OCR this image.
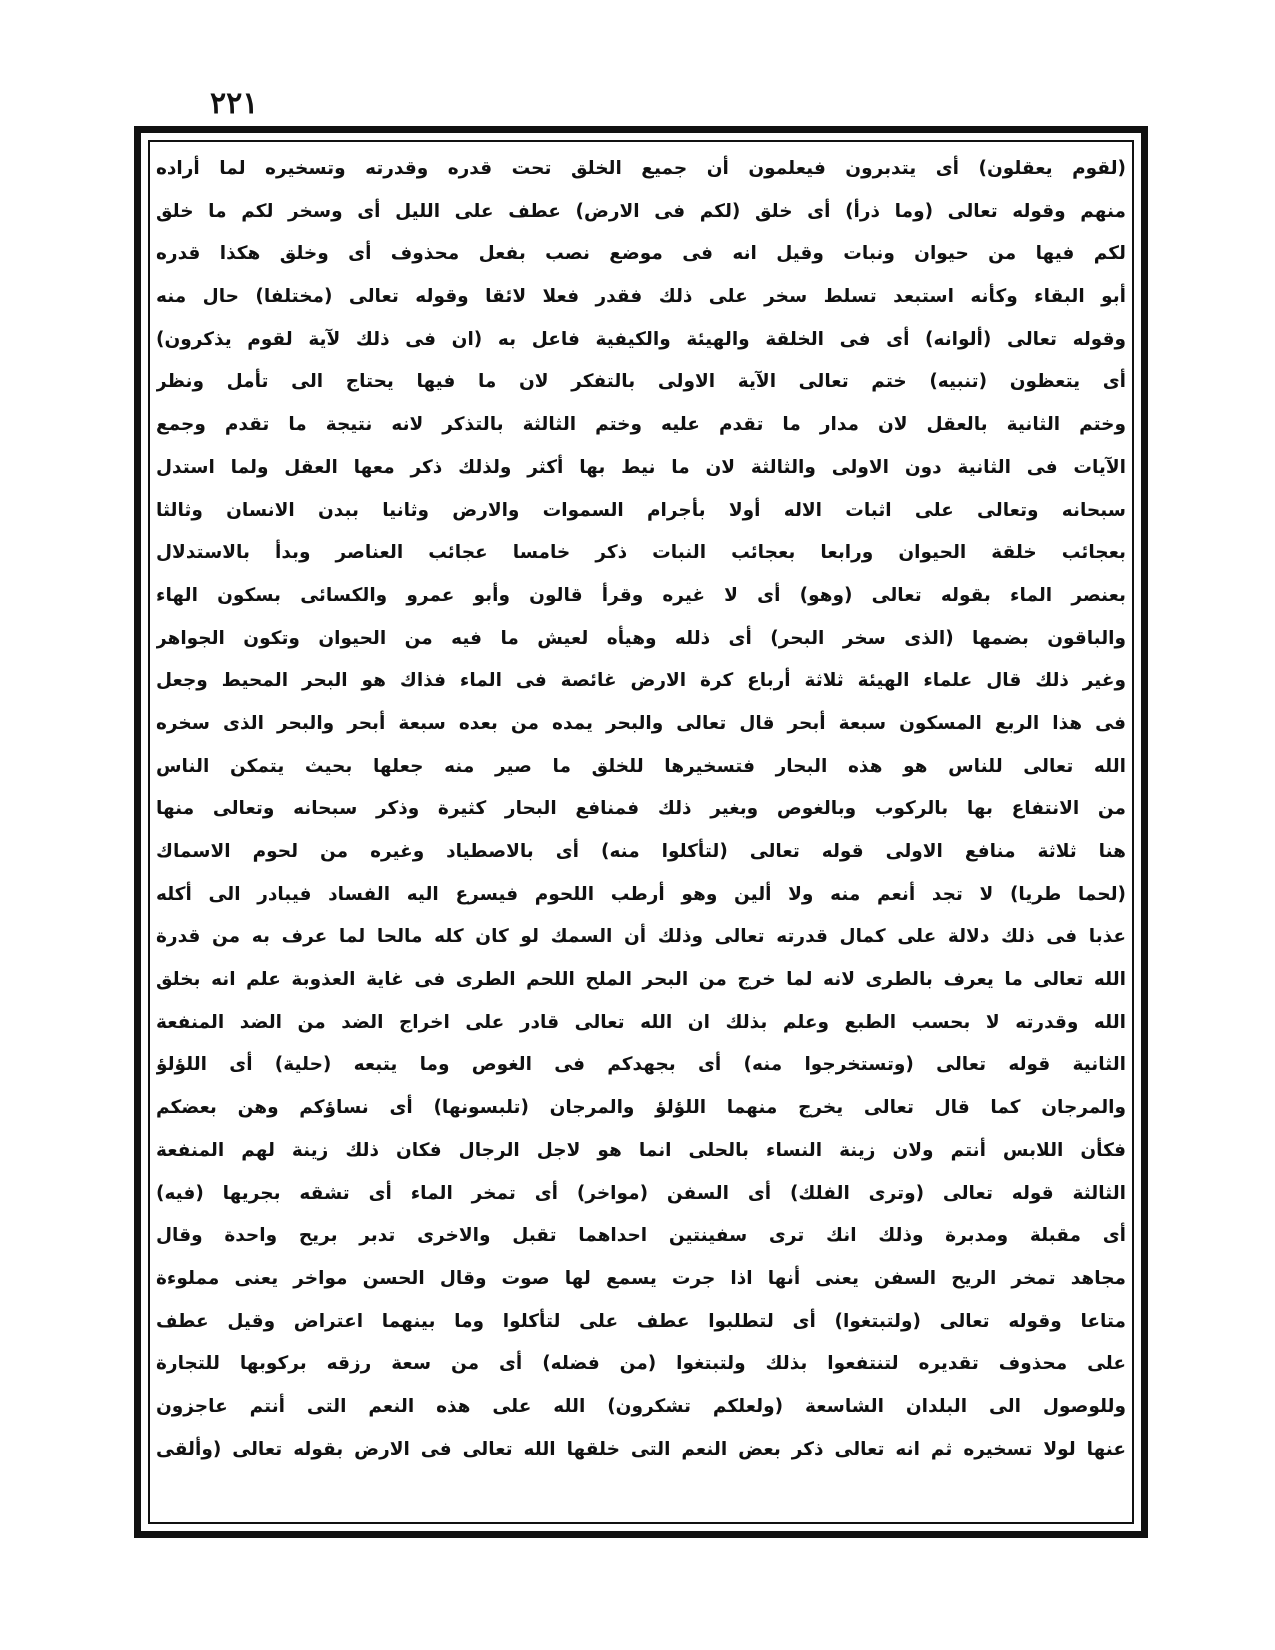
٢٢١
(لقوم يعقلون) أى يتدبرون فيعلمون أن جميع الخلق تحت قدره وقدرته وتسخيره لما أراده
منهم وقوله تعالى (وما ذرأ) أى خلق (لكم فى الارض) عطف على الليل أى وسخر لكم ما خلق
لكم فيها من حيوان ونبات وقيل انه فى موضع نصب بفعل محذوف أى وخلق هكذا قدره
أبو البقاء وكأنه استبعد تسلط سخر على ذلك فقدر فعلا لائقا وقوله تعالى (مختلفا) حال منه
وقوله تعالى (ألوانه) أى فى الخلقة والهيئة والكيفية فاعل به (ان فى ذلك لآية لقوم يذكرون)
أى يتعظون (تنبيه) ختم تعالى الآية الاولى بالتفكر لان ما فيها يحتاج الى تأمل ونظر
وختم الثانية بالعقل لان مدار ما تقدم عليه وختم الثالثة بالتذكر لانه نتيجة ما تقدم وجمع
الآيات فى الثانية دون الاولى والثالثة لان ما نيط بها أكثر ولذلك ذكر معها العقل ولما استدل
سبحانه وتعالى على اثبات الاله أولا بأجرام السموات والارض وثانيا ببدن الانسان وثالثا
بعجائب خلقة الحيوان ورابعا بعجائب النبات ذكر خامسا عجائب العناصر وبدأ بالاستدلال
بعنصر الماء بقوله تعالى (وهو) أى لا غيره وقرأ قالون وأبو عمرو والكسائى بسكون الهاء
والباقون بضمها (الذى سخر البحر) أى ذلله وهيأه لعيش ما فيه من الحيوان وتكون الجواهر
وغير ذلك قال علماء الهيئة ثلاثة أرباع كرة الارض غائصة فى الماء فذاك هو البحر المحيط وجعل
فى هذا الربع المسكون سبعة أبحر قال تعالى والبحر يمده من بعده سبعة أبحر والبحر الذى سخره
الله تعالى للناس هو هذه البحار فتسخيرها للخلق ما صير منه جعلها بحيث يتمكن الناس
من الانتفاع بها بالركوب وبالغوص وبغير ذلك فمنافع البحار كثيرة وذكر سبحانه وتعالى منها
هنا ثلاثة منافع الاولى قوله تعالى (لتأكلوا منه) أى بالاصطياد وغيره من لحوم الاسماك
(لحما طريا) لا تجد أنعم منه ولا ألين وهو أرطب اللحوم فيسرع اليه الفساد فيبادر الى أكله
عذبا فى ذلك دلالة على كمال قدرته تعالى وذلك أن السمك لو كان كله مالحا لما عرف به من قدرة
الله تعالى ما يعرف بالطرى لانه لما خرج من البحر الملح اللحم الطرى فى غاية العذوبة علم انه بخلق
الله وقدرته لا بحسب الطبع وعلم بذلك ان الله تعالى قادر على اخراج الضد من الضد المنفعة
الثانية قوله تعالى (وتستخرجوا منه) أى بجهدكم فى الغوص وما يتبعه (حلية) أى اللؤلؤ
والمرجان كما قال تعالى يخرج منهما اللؤلؤ والمرجان (تلبسونها) أى نساؤكم وهن بعضكم
فكأن اللابس أنتم ولان زينة النساء بالحلى انما هو لاجل الرجال فكان ذلك زينة لهم المنفعة
الثالثة قوله تعالى (وترى الفلك) أى السفن (مواخر) أى تمخر الماء أى تشقه بجريها (فيه)
أى مقبلة ومدبرة وذلك انك ترى سفينتين احداهما تقبل والاخرى تدبر بريح واحدة وقال
مجاهد تمخر الريح السفن يعنى أنها اذا جرت يسمع لها صوت وقال الحسن مواخر يعنى مملوءة
متاعا وقوله تعالى (ولتبتغوا) أى لتطلبوا عطف على لتأكلوا وما بينهما اعتراض وقيل عطف
على محذوف تقديره لتنتفعوا بذلك ولتبتغوا (من فضله) أى من سعة رزقه بركوبها للتجارة
وللوصول الى البلدان الشاسعة (ولعلكم تشكرون) الله على هذه النعم التى أنتم عاجزون
عنها لولا تسخيره ثم انه تعالى ذكر بعض النعم التى خلقها الله تعالى فى الارض بقوله تعالى (وألقى
